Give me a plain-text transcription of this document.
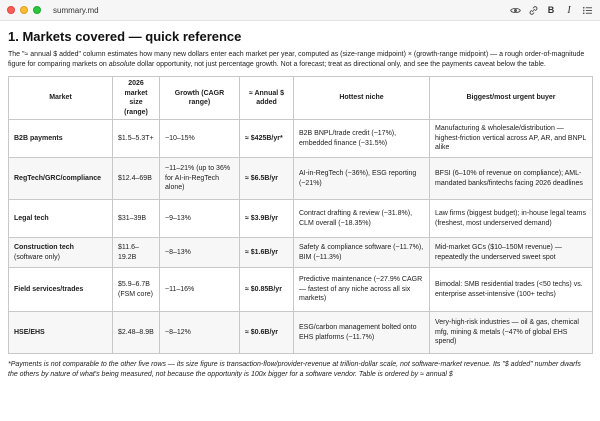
summary.md	B	I
1. Markets covered — quick reference

The "≈ annual $ added" column estimates how many new dollars enter each market per year, computed as (size-range midpoint) × (growth-range midpoint) — a rough order-of-magnitude figure for comparing markets on absolute dollar opportunity, not just percentage growth. Not a forecast; treat as directional only, and see the payments caveat below the table.

Market	2026 market size (range)	Growth (CAGR range)	≈ Annual $ added	Hottest niche	Biggest/most urgent buyer
B2B payments	$1.5–5.3T+	~10–15%	≈ $425B/yr*	B2B BNPL/trade credit (~17%), embedded finance (~31.5%)	Manufacturing & wholesale/distribution — highest-friction vertical across AP, AR, and BNPL alike
RegTech/GRC/compliance	$12.4–69B	~11–21% (up to 36% for AI-in-RegTech alone)	≈ $6.5B/yr	AI-in-RegTech (~36%), ESG reporting (~21%)	BFSI (6–10% of revenue on compliance); AML-mandated banks/fintechs facing 2026 deadlines
Legal tech	$31–39B	~9–13%	≈ $3.9B/yr	Contract drafting & review (~31.8%), CLM overall (~18.35%)	Law firms (biggest budget); in-house legal teams (freshest, most underserved demand)
Construction tech
(software only)	$11.6–19.2B	~8–13%	≈ $1.6B/yr	Safety & compliance software (~11.7%), BIM (~11.3%)	Mid-market GCs ($10–150M revenue) — repeatedly the underserved sweet spot
Field services/trades	$5.9–6.7B (FSM core)	~11–16%	≈ $0.85B/yr	Predictive maintenance (~27.9% CAGR — fastest of any niche across all six markets)	Bimodal: SMB residential trades (<50 techs) vs. enterprise asset-intensive (100+ techs)
HSE/EHS	$2.48–8.9B	~8–12%	≈ $0.6B/yr	ESG/carbon management bolted onto EHS platforms (~11.7%)	Very-high-risk industries — oil & gas, chemical mfg, mining & metals (~47% of global EHS spend)

*Payments is not comparable to the other five rows — its size figure is transaction-flow/provider-revenue at trillion-dollar scale, not software-market revenue. Its "$ added" number dwarfs the others by nature of what's being measured, not because the opportunity is 100x bigger for a software vendor. Table is ordered by ≈ annual $
